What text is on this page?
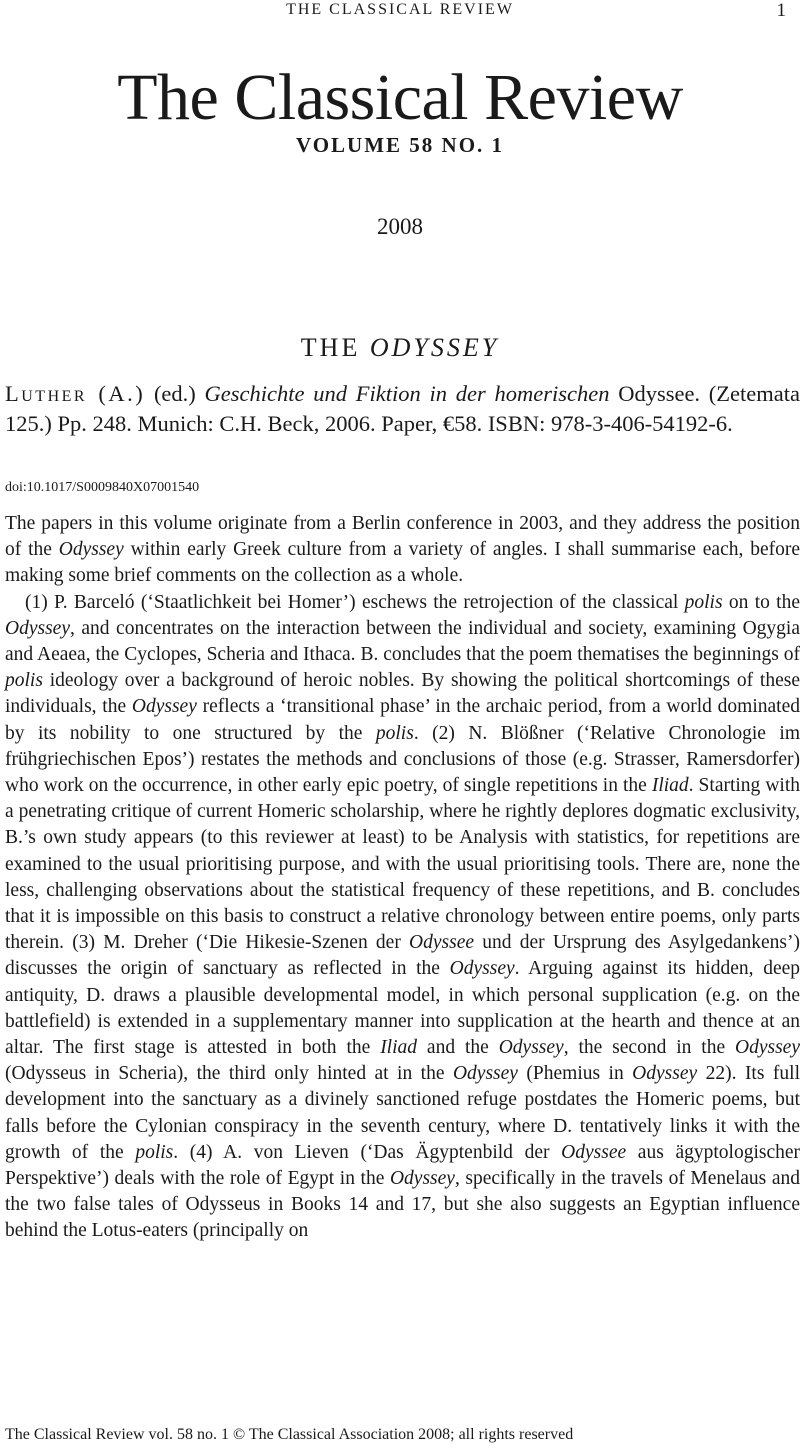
THE CLASSICAL REVIEW	1
The Classical Review
VOLUME 58 NO. 1
2008
THE ODYSSEY
Luther (A.) (ed.) Geschichte und Fiktion in der homerischen Odyssee. (Zetemata 125.) Pp. 248. Munich: C.H. Beck, 2006. Paper, €58. ISBN: 978-3-406-54192-6.
doi:10.1017/S0009840X07001540

The papers in this volume originate from a Berlin conference in 2003, and they address the position of the Odyssey within early Greek culture from a variety of angles. I shall summarise each, before making some brief comments on the collection as a whole.

(1) P. Barceló (‘Staatlichkeit bei Homer’) eschews the retrojection of the classical polis on to the Odyssey, and concentrates on the interaction between the individual and society, examining Ogygia and Aeaea, the Cyclopes, Scheria and Ithaca. B. concludes that the poem thematises the beginnings of polis ideology over a background of heroic nobles. By showing the political shortcomings of these individuals, the Odyssey reflects a ‘transitional phase’ in the archaic period, from a world dominated by its nobility to one structured by the polis. (2) N. Blößner (‘Relative Chronologie im frühgriechischen Epos’) restates the methods and conclusions of those (e.g. Strasser, Ramersdorfer) who work on the occurrence, in other early epic poetry, of single repetitions in the Iliad. Starting with a penetrating critique of current Homeric scholarship, where he rightly deplores dogmatic exclusivity, B.’s own study appears (to this reviewer at least) to be Analysis with statistics, for repetitions are examined to the usual prioritising purpose, and with the usual prioritising tools. There are, none the less, challenging observations about the statistical frequency of these repetitions, and B. concludes that it is impossible on this basis to construct a relative chronology between entire poems, only parts therein. (3) M. Dreher (‘Die Hikesie-Szenen der Odyssee und der Ursprung des Asylgedankens’) discusses the origin of sanctuary as reflected in the Odyssey. Arguing against its hidden, deep antiquity, D. draws a plausible developmental model, in which personal supplication (e.g. on the battlefield) is extended in a supplementary manner into supplication at the hearth and thence at an altar. The first stage is attested in both the Iliad and the Odyssey, the second in the Odyssey (Odysseus in Scheria), the third only hinted at in the Odyssey (Phemius in Odyssey 22). Its full development into the sanctuary as a divinely sanctioned refuge postdates the Homeric poems, but falls before the Cylonian conspiracy in the seventh century, where D. tentatively links it with the growth of the polis. (4) A. von Lieven (‘Das Ägyptenbild der Odyssee aus ägyptologischer Perspektive’) deals with the role of Egypt in the Odyssey, specifically in the travels of Menelaus and the two false tales of Odysseus in Books 14 and 17, but she also suggests an Egyptian influence behind the Lotus-eaters (principally on

The Classical Review vol. 58 no. 1 © The Classical Association 2008; all rights reserved
